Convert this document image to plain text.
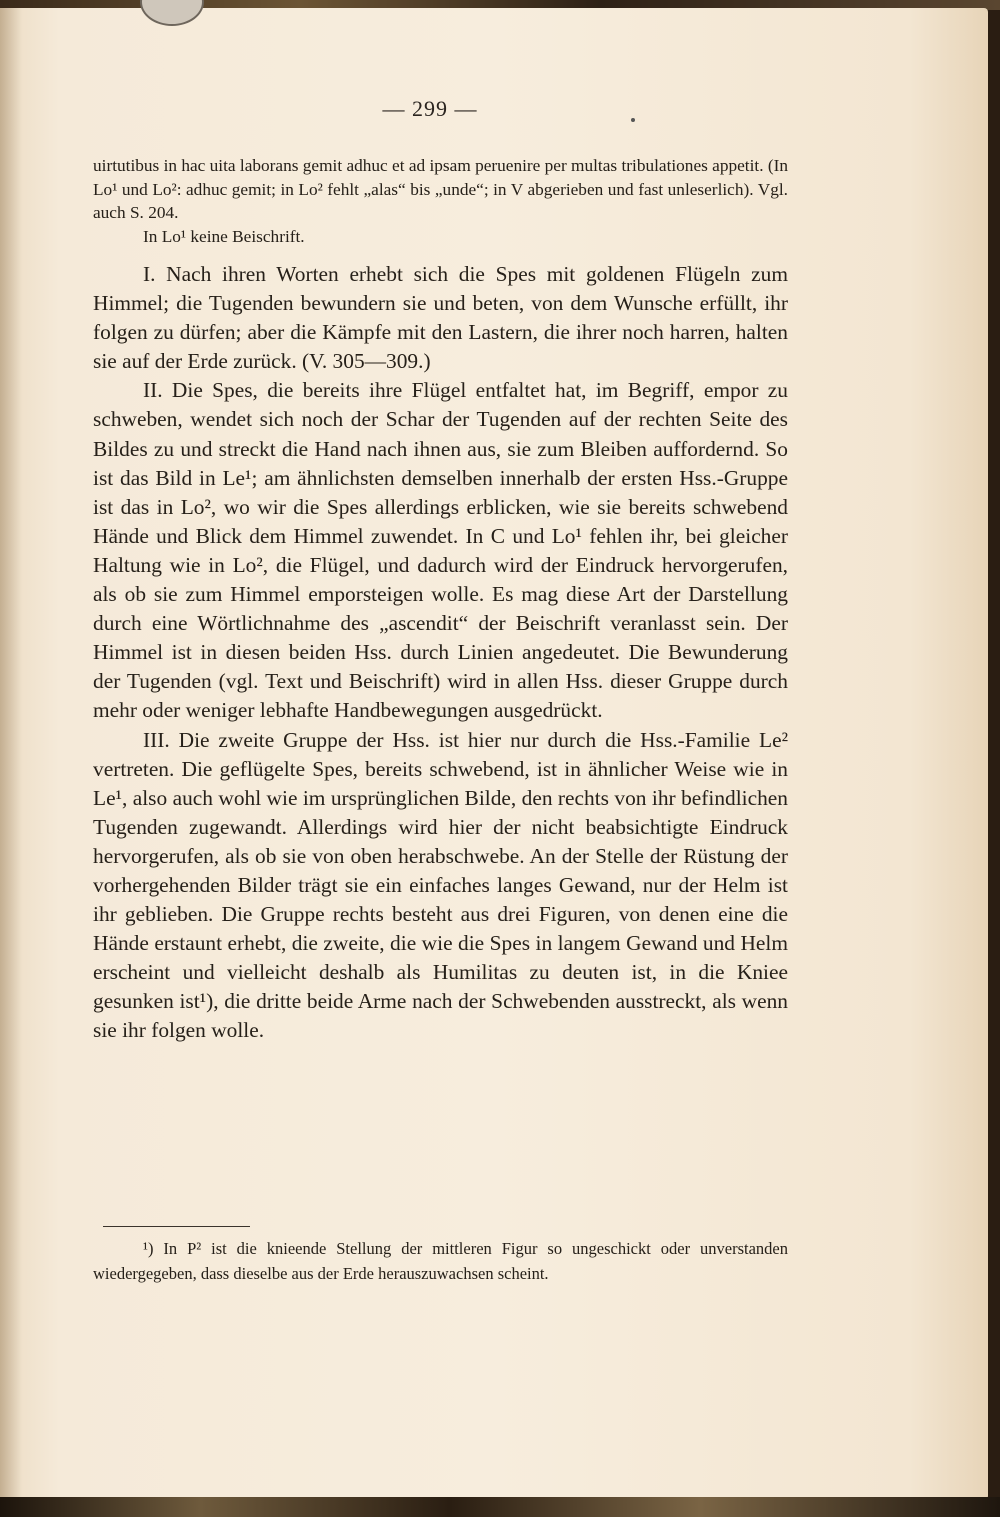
— 299 —

uirtutibus in hac uita laborans gemit adhuc et ad ipsam peruenire per multas tribulationes appetit. (In Lo¹ und Lo²: adhuc gemit; in Lo² fehlt „alas“ bis „unde“; in V abgerieben und fast unleserlich). Vgl. auch S. 204.

In Lo¹ keine Beischrift.

I. Nach ihren Worten erhebt sich die Spes mit goldenen Flügeln zum Himmel; die Tugenden bewundern sie und beten, von dem Wunsche erfüllt, ihr folgen zu dürfen; aber die Kämpfe mit den Lastern, die ihrer noch harren, halten sie auf der Erde zurück. (V. 305—309.)

II. Die Spes, die bereits ihre Flügel entfaltet hat, im Begriff, empor zu schweben, wendet sich noch der Schar der Tugenden auf der rechten Seite des Bildes zu und streckt die Hand nach ihnen aus, sie zum Bleiben auffordernd. So ist das Bild in Le¹; am ähnlichsten demselben innerhalb der ersten Hss.-Gruppe ist das in Lo², wo wir die Spes allerdings erblicken, wie sie bereits schwebend Hände und Blick dem Himmel zuwendet. In C und Lo¹ fehlen ihr, bei gleicher Haltung wie in Lo², die Flügel, und dadurch wird der Eindruck hervorgerufen, als ob sie zum Himmel emporsteigen wolle. Es mag diese Art der Darstellung durch eine Wörtlichnahme des „ascendit“ der Beischrift veranlasst sein. Der Himmel ist in diesen beiden Hss. durch Linien angedeutet. Die Bewunderung der Tugenden (vgl. Text und Beischrift) wird in allen Hss. dieser Gruppe durch mehr oder weniger lebhafte Handbewegungen ausgedrückt.

III. Die zweite Gruppe der Hss. ist hier nur durch die Hss.-Familie Le² vertreten. Die geflügelte Spes, bereits schwebend, ist in ähnlicher Weise wie in Le¹, also auch wohl wie im ursprünglichen Bilde, den rechts von ihr befindlichen Tugenden zugewandt. Allerdings wird hier der nicht beabsichtigte Eindruck hervorgerufen, als ob sie von oben herabschwebe. An der Stelle der Rüstung der vorhergehenden Bilder trägt sie ein einfaches langes Gewand, nur der Helm ist ihr geblieben. Die Gruppe rechts besteht aus drei Figuren, von denen eine die Hände erstaunt erhebt, die zweite, die wie die Spes in langem Gewand und Helm erscheint und vielleicht deshalb als Humilitas zu deuten ist, in die Kniee gesunken ist¹), die dritte beide Arme nach der Schwebenden ausstreckt, als wenn sie ihr folgen wolle.

¹) In P² ist die knieende Stellung der mittleren Figur so ungeschickt oder unverstanden wiedergegeben, dass dieselbe aus der Erde herauszuwachsen scheint.
